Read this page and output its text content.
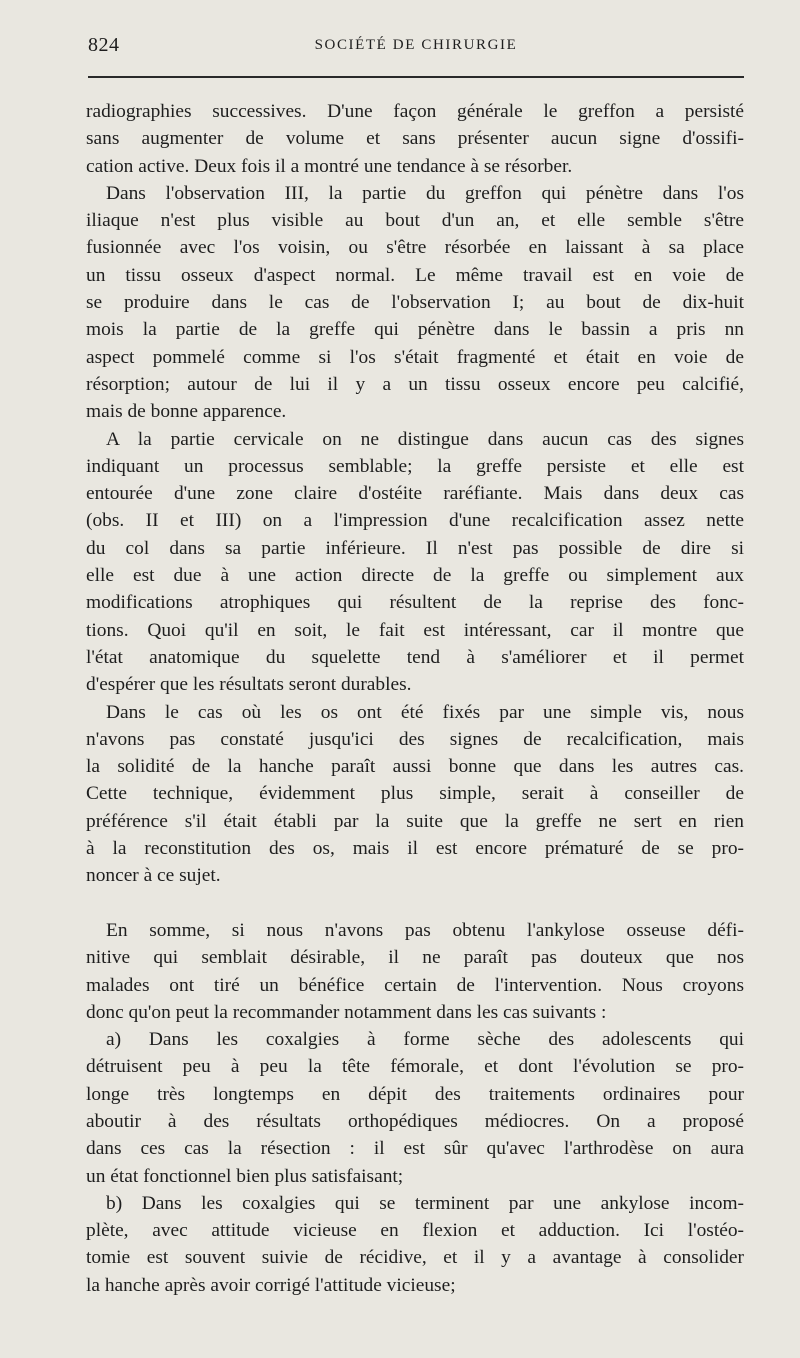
824	SOCIÉTÉ DE CHIRURGIE
radiographies successives. D'une façon générale le greffon a persisté
sans augmenter de volume et sans présenter aucun signe d'ossifi-
cation active. Deux fois il a montré une tendance à se résorber.
Dans l'observation III, la partie du greffon qui pénètre dans l'os
iliaque n'est plus visible au bout d'un an, et elle semble s'être
fusionnée avec l'os voisin, ou s'être résorbée en laissant à sa place
un tissu osseux d'aspect normal. Le même travail est en voie de
se produire dans le cas de l'observation I; au bout de dix-huit
mois la partie de la greffe qui pénètre dans le bassin a pris nn
aspect pommelé comme si l'os s'était fragmenté et était en voie de
résorption; autour de lui il y a un tissu osseux encore peu calcifié,
mais de bonne apparence.
A la partie cervicale on ne distingue dans aucun cas des signes
indiquant un processus semblable; la greffe persiste et elle est
entourée d'une zone claire d'ostéite raréfiante. Mais dans deux cas
(obs. II et III) on a l'impression d'une recalcification assez nette
du col dans sa partie inférieure. Il n'est pas possible de dire si
elle est due à une action directe de la greffe ou simplement aux
modifications atrophiques qui résultent de la reprise des fonc-
tions. Quoi qu'il en soit, le fait est intéressant, car il montre que
l'état anatomique du squelette tend à s'améliorer et il permet
d'espérer que les résultats seront durables.
Dans le cas où les os ont été fixés par une simple vis, nous
n'avons pas constaté jusqu'ici des signes de recalcification, mais
la solidité de la hanche paraît aussi bonne que dans les autres cas.
Cette technique, évidemment plus simple, serait à conseiller de
préférence s'il était établi par la suite que la greffe ne sert en rien
à la reconstitution des os, mais il est encore prématuré de se pro-
noncer à ce sujet.
En somme, si nous n'avons pas obtenu l'ankylose osseuse défi-
nitive qui semblait désirable, il ne paraît pas douteux que nos
malades ont tiré un bénéfice certain de l'intervention. Nous croyons
donc qu'on peut la recommander notamment dans les cas suivants :
a) Dans les coxalgies à forme sèche des adolescents qui
détruisent peu à peu la tête fémorale, et dont l'évolution se pro-
longe très longtemps en dépit des traitements ordinaires pour
aboutir à des résultats orthopédiques médiocres. On a proposé
dans ces cas la résection : il est sûr qu'avec l'arthrodèse on aura
un état fonctionnel bien plus satisfaisant;
b) Dans les coxalgies qui se terminent par une ankylose incom-
plète, avec attitude vicieuse en flexion et adduction. Ici l'ostéo-
tomie est souvent suivie de récidive, et il y a avantage à consolider
la hanche après avoir corrigé l'attitude vicieuse;
